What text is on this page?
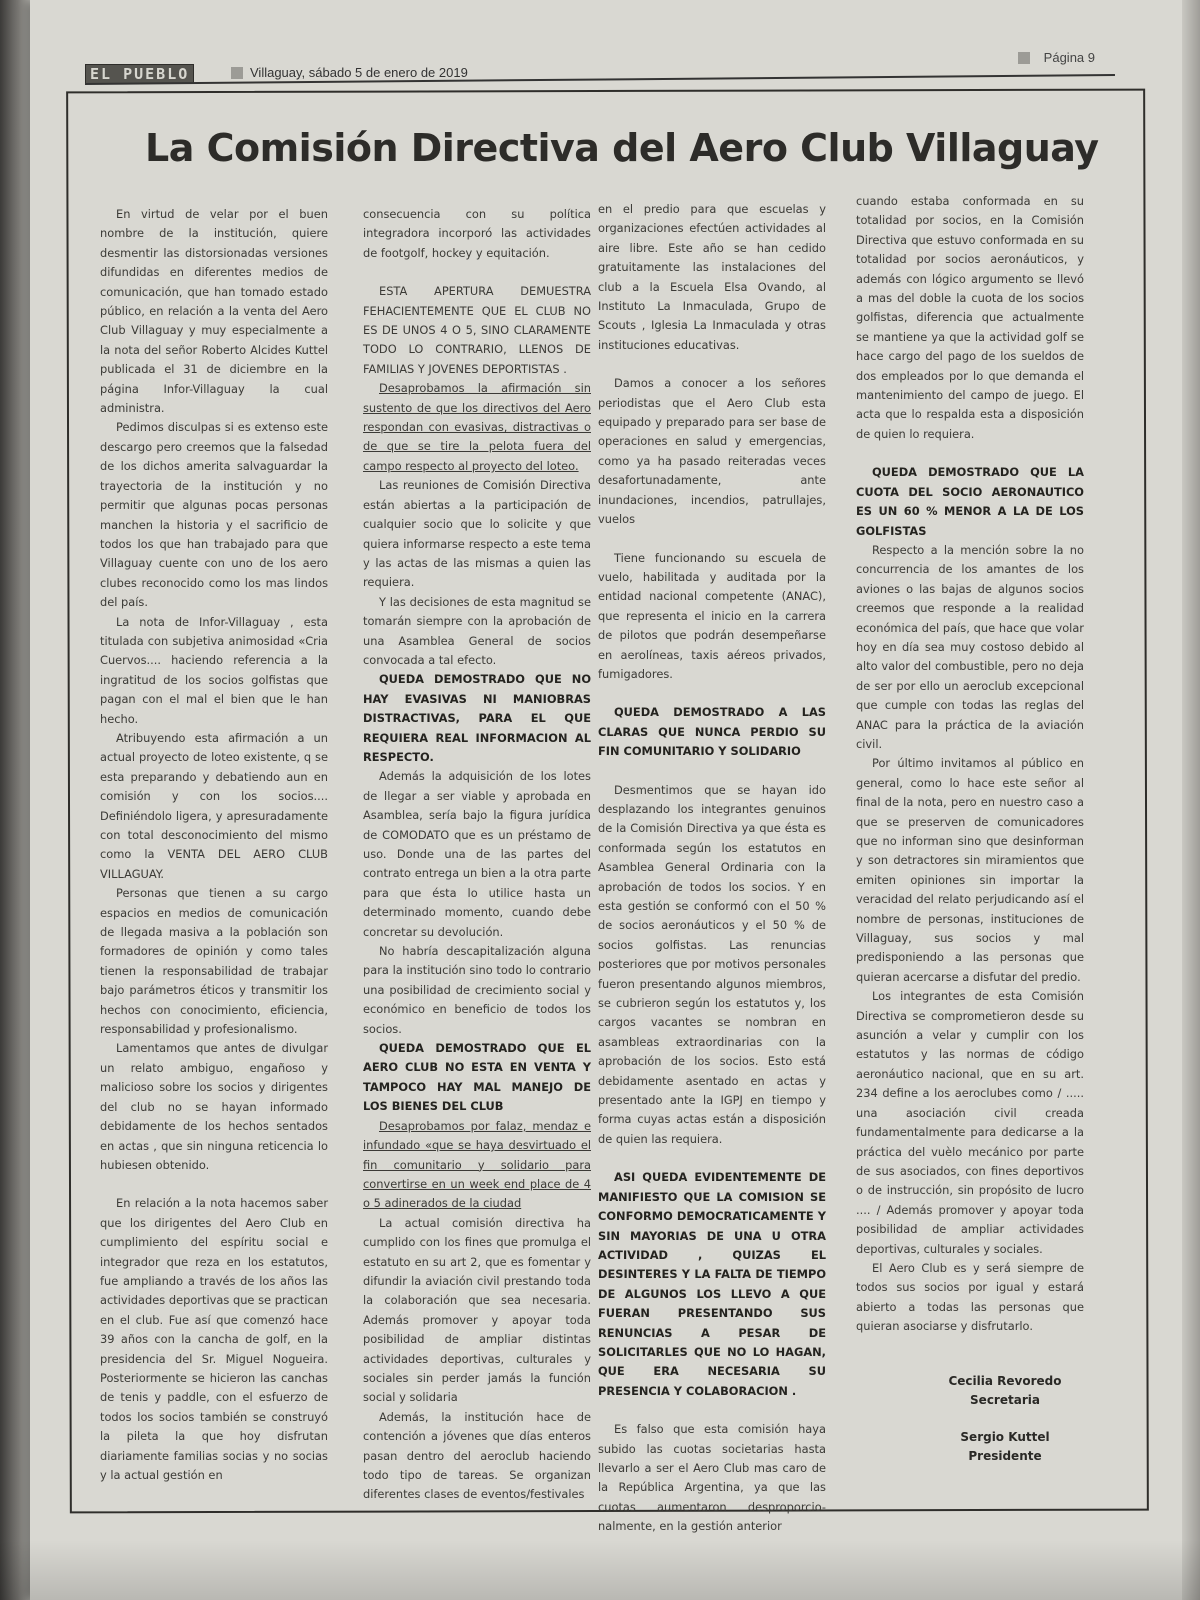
EL PUEBLO	Villaguay, sábado 5 de enero de 2019
Página 9
La Comisión Directiva del Aero Club Villaguay

En virtud de velar por el buen nombre de la institución, quiere desmentir las distorsionadas versiones difundidas en diferentes medios de comunicación, que han tomado estado público, en relación a la venta del Aero Club Villaguay y muy especialmente a la nota del señor Roberto Alcides Kuttel publicada el 31 de diciembre en la página Infor-Villaguay la cual administra.

Pedimos disculpas si es extenso este descargo pero creemos que la falsedad de los dichos amerita salvaguardar la trayectoria de la institución y no permitir que algunas pocas personas manchen la historia y el sacrificio de todos los que han trabajado para que Villaguay cuente con uno de los aero clubes reconocido como los mas lindos del país.

La nota de Infor-Villaguay , esta titulada con subjetiva animosidad «Cria Cuervos.... haciendo referencia a la ingratitud de los socios golfistas que pagan con el mal el bien que le han hecho.

Atribuyendo esta afirmación a un actual proyecto de loteo existente, q se esta preparando y debatiendo aun en comisión y con los socios.... Definiéndolo ligera, y apresuradamente con total desconocimiento del mismo como la VENTA DEL AERO CLUB VILLAGUAY.

Personas que tienen a su cargo espacios en medios de comunicación de llegada masiva a la población son formadores de opinión y como tales tienen la responsabilidad de trabajar bajo parámetros éticos y transmitir los hechos con conocimiento, eficiencia, responsabilidad y profesionalismo.

Lamentamos que antes de divulgar un relato ambiguo, engañoso y malicioso sobre los socios y dirigentes del club no se hayan informado debidamente de los hechos sentados en actas , que sin ninguna reticencia lo hubiesen obtenido.

En relación a la nota hacemos saber que los dirigentes del Aero Club en cumplimiento del espíritu social e integrador que reza en los estatutos, fue ampliando a través de los años las actividades deportivas que se practican en el club. Fue así que comenzó hace 39 años con la cancha de golf, en la presidencia del Sr. Miguel Nogueira. Posteriormente se hicieron las canchas de tenis y paddle, con el esfuerzo de todos los socios también se construyó la pileta la que hoy disfrutan diariamente familias socias y no socias y la actual gestión en

consecuencia con su política integradora incorporó las actividades de footgolf, hockey y equitación.

ESTA APERTURA DEMUESTRA FEHACIENTEMENTE QUE EL CLUB NO ES DE UNOS 4 O 5, SINO CLARAMENTE TODO LO CONTRARIO, LLENOS DE FAMILIAS Y JOVENES DEPORTISTAS .

Desaprobamos la afirmación sin sustento de que los directivos del Aero respondan con evasivas, distractivas o de que se tire la pelota fuera del campo respecto al proyecto del loteo.

Las reuniones de Comisión Directiva están abiertas a la participación de cualquier socio que lo solicite y que quiera informarse respecto a este tema y las actas de las mismas a quien las requiera.

Y las decisiones de esta magnitud se tomarán siempre con la aprobación de una Asamblea General de socios convocada a tal efecto.

QUEDA DEMOSTRADO QUE NO HAY EVASIVAS NI MANIOBRAS DISTRACTIVAS, PARA EL QUE REQUIERA REAL INFORMACION AL RESPECTO.

Además la adquisición de los lotes de llegar a ser viable y aprobada en Asamblea, sería bajo la figura jurídica de COMODATO que es un préstamo de uso. Donde una de las partes del contrato entrega un bien a la otra parte para que ésta lo utilice hasta un determinado momento, cuando debe concretar su devolución.

No habría descapitalización alguna para la institución sino todo lo contrario una posibilidad de crecimiento social y económico en beneficio de todos los socios.

QUEDA DEMOSTRADO QUE EL AERO CLUB NO ESTA EN VENTA Y TAMPOCO HAY MAL MANEJO DE LOS BIENES DEL CLUB

Desaprobamos por falaz, mendaz e infundado «que se haya desvirtuado el fin comunitario y solidario para convertirse en un week end place de 4 o 5 adinerados de la ciudad

La actual comisión directiva ha cumplido con los fines que promulga el estatuto en su art 2, que es fomentar y difundir la aviación civil prestando toda la colaboración que sea necesaria. Además promover y apoyar toda posibilidad de ampliar distintas actividades deportivas, culturales y sociales sin perder jamás la función social y solidaria

Además, la institución hace de contención a jóvenes que días enteros pasan dentro del aeroclub haciendo todo tipo de tareas. Se organizan diferentes clases de eventos/festivales

en el predio para que escuelas y organizaciones efectúen actividades al aire libre. Este año se han cedido gratuitamente las instalaciones del club a la Escuela Elsa Ovando, al Instituto La Inmaculada, Grupo de Scouts , Iglesia La Inmaculada y otras instituciones educativas.

Damos a conocer a los señores periodistas que el Aero Club esta equipado y preparado para ser base de operaciones en salud y emergencias, como ya ha pasado reiteradas veces desafortunadamente, ante inundaciones, incendios, patrullajes, vuelos

Tiene funcionando su escuela de vuelo, habilitada y auditada por la entidad nacional competente (ANAC), que representa el inicio en la carrera de pilotos que podrán desempeñarse en aerolíneas, taxis aéreos privados, fumigadores.

QUEDA DEMOSTRADO A LAS CLARAS QUE NUNCA PERDIO SU FIN COMUNITARIO Y SOLIDARIO

Desmentimos que se hayan ido desplazando los integrantes genuinos de la Comisión Directiva ya que ésta es conformada según los estatutos en Asamblea General Ordinaria con la aprobación de todos los socios. Y en esta gestión se conformó con el 50 % de socios aeronáuticos y el 50 % de socios golfistas. Las renuncias posteriores que por motivos personales fueron presentando algunos miembros, se cubrieron según los estatutos y, los cargos vacantes se nombran en asambleas extraordinarias con la aprobación de los socios. Esto está debidamente asentado en actas y presentado ante la IGPJ en tiempo y forma cuyas actas están a disposición de quien las requiera.

ASI QUEDA EVIDENTEMENTE DE MANIFIESTO QUE LA COMISION SE CONFORMO DEMOCRATICAMENTE Y SIN MAYORIAS DE UNA U OTRA ACTIVIDAD , QUIZAS EL DESINTERES Y LA FALTA DE TIEMPO DE ALGUNOS LOS LLEVO A QUE FUERAN PRESENTANDO SUS RENUNCIAS A PESAR DE SOLICITARLES QUE NO LO HAGAN, QUE ERA NECESARIA SU PRESENCIA Y COLABORACION .

Es falso que esta comisión haya subido las cuotas societarias hasta llevarlo a ser el Aero Club mas caro de la República Argentina, ya que las cuotas aumentaron desproporcio-nalmente, en la gestión anterior

cuando estaba conformada en su totalidad por socios, en la Comisión Directiva que estuvo conformada en su totalidad por socios aeronáuticos, y además con lógico argumento se llevó a mas del doble la cuota de los socios golfistas, diferencia que actualmente se mantiene ya que la actividad golf se hace cargo del pago de los sueldos de dos empleados por lo que demanda el mantenimiento del campo de juego. El acta que lo respalda esta a disposición de quien lo requiera.

QUEDA DEMOSTRADO QUE LA CUOTA DEL SOCIO AERONAUTICO ES UN 60 % MENOR A LA DE LOS GOLFISTAS

Respecto a la mención sobre la no concurrencia de los amantes de los aviones o las bajas de algunos socios creemos que responde a la realidad económica del país, que hace que volar hoy en día sea muy costoso debido al alto valor del combustible, pero no deja de ser por ello un aeroclub excepcional que cumple con todas las reglas del ANAC para la práctica de la aviación civil.

Por último invitamos al público en general, como lo hace este señor al final de la nota, pero en nuestro caso a que se preserven de comunicadores que no informan sino que desinforman y son detractores sin miramientos que emiten opiniones sin importar la veracidad del relato perjudicando así el nombre de personas, instituciones de Villaguay, sus socios y mal predisponiendo a las personas que quieran acercarse a disfutar del predio.

Los integrantes de esta Comisión Directiva se comprometieron desde su asunción a velar y cumplir con los estatutos y las normas de código aeronáutico nacional, que en su art. 234 define a los aeroclubes como / ..... una asociación civil creada fundamentalmente para dedicarse a la práctica del vuèlo mecánico por parte de sus asociados, con fines deportivos o de instrucción, sin propósito de lucro .... / Además promover y apoyar toda posibilidad de ampliar actividades deportivas, culturales y sociales.

El Aero Club es y será siempre de todos sus socios por igual y estará abierto a todas las personas que quieran asociarse y disfrutarlo.

Cecilia Revoredo
Secretaria
Sergio Kuttel
Presidente
